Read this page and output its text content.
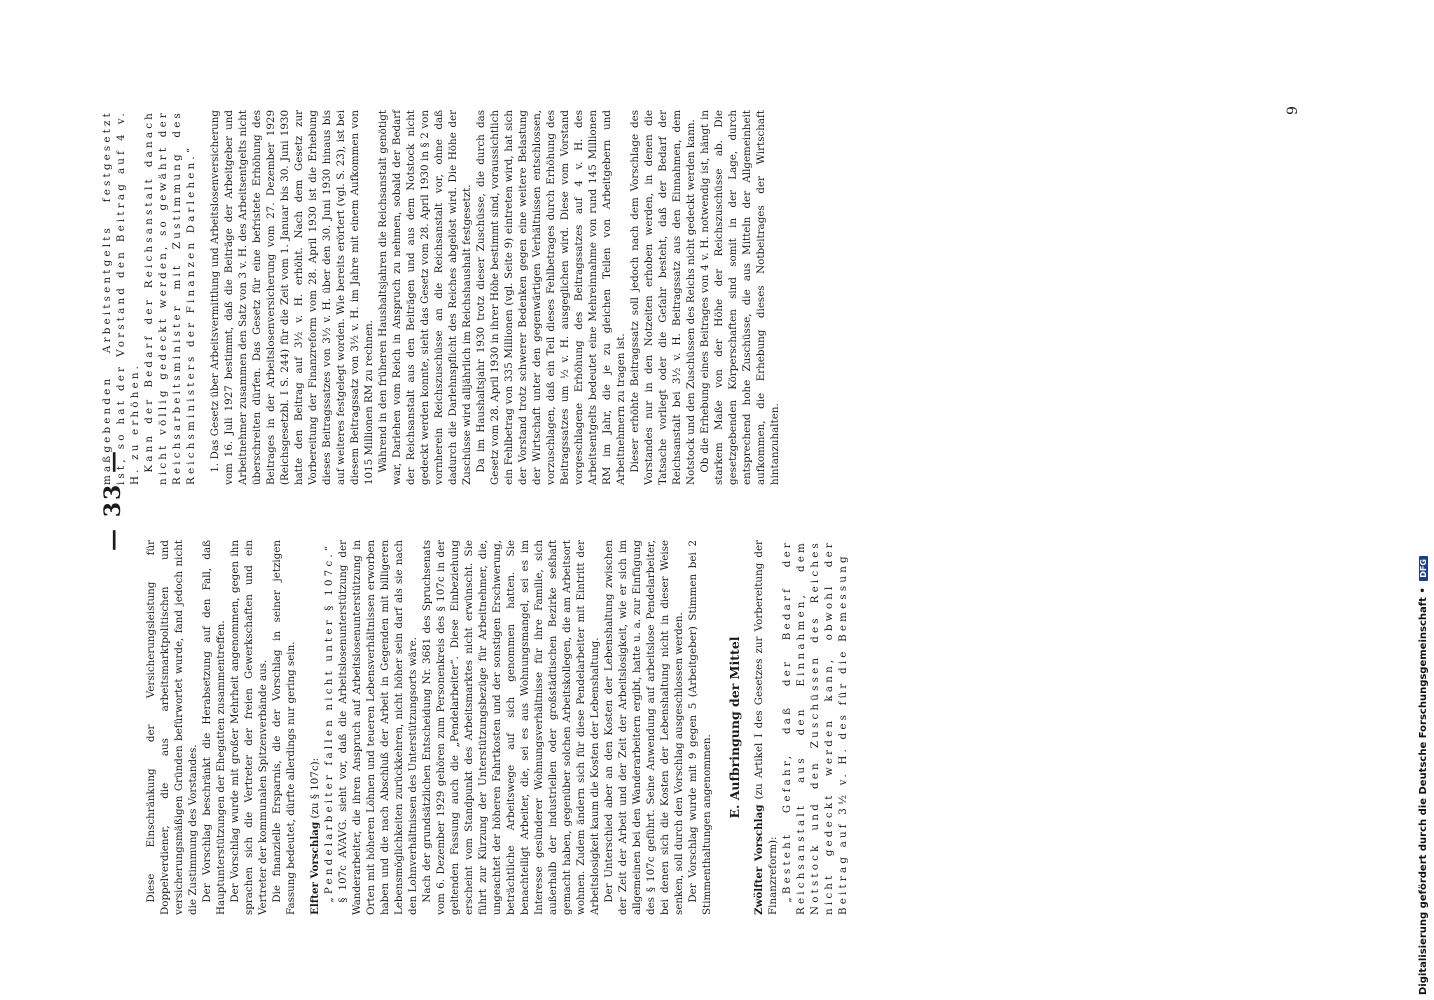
— 33 —

Diese Einschränkung der Versicherungsleistung für Doppelverdiener, die aus arbeitsmarktpolitischen und versicherungsmäßigen Gründen befürwortet wurde, fand jedoch nicht die Zustimmung des Vorstandes. Der Vorschlag beschränkt die Herabsetzung auf den Fall, daß Hauptunterstützungen der Ehegatten zusammentreffen. Der Vorschlag wurde mit großer Mehrheit angenommen, gegen ihn sprachen sich die Vertreter der freien Gewerkschaften und ein Vertreter der kommunalen Spitzenverbände aus. Die finanzielle Ersparnis, die der Vorschlag in seiner jetzigen Fassung bedeutet, dürfte allerdings nur gering sein. Elfter Vorschlag (zu § 107c): „Pendelarbeiter fallen nicht unter § 107c.“ § 107c AVAVG. sieht vor, daß die Arbeitslosenunterstützung der Wanderarbeiter, die ihren Anspruch auf Arbeitslosenunterstützung in Orten mit höheren Löhnen und teueren Lebensverhältnissen erworben haben und die nach Abschluß der Arbeit in Gegenden mit billigeren Lebensmöglichkeiten zurückkehren, nicht höher sein darf als sie nach den Lohnverhältnissen des Unterstützungsorts wäre. Nach der grundsätzlichen Entscheidung Nr. 3681 des Spruchsenats vom 6. Dezember 1929 gehören zum Personenkreis des § 107c in der geltenden Fassung auch die „Pendelarbeiter“. Diese Einbeziehung erscheint vom Standpunkt des Arbeitsmarktes nicht erwünscht. Sie führt zur Kürzung der Unterstützungsbezüge für Arbeitnehmer, die, ungeachtet der höheren Fahrtkosten und der sonstigen Erschwerung, beträchtliche Arbeitswege auf sich genommen hatten. Sie benachteiligt Arbeiter, die, sei es aus Wohnungsmangel, sei es im Interesse gesünderer Wohnungsverhältnisse für ihre Familie, sich außerhalb der industriellen oder großstädtischen Bezirke seßhaft gemacht haben, gegenüber solchen Arbeitskollegen, die am Arbeitsort wohnen. Zudem ändern sich für diese Pendelarbeiter mit Eintritt der Arbeitslosigkeit kaum die Kosten der Lebenshaltung. Der Unterschied aber an den Kosten der Lebenshaltung zwischen der Zeit der Arbeit und der Zeit der Arbeitslosigkeit, wie er sich im allgemeinen bei den Wanderarbeitern ergibt, hatte u. a. zur Einfügung des § 107c geführt. Seine Anwendung auf arbeitslose Pendelarbeiter, bei denen sich die Kosten der Lebenshaltung nicht in dieser Weise senken, soll durch den Vorschlag ausgeschlossen werden. Der Vorschlag wurde mit 9 gegen 5 (Arbeitgeber) Stimmen bei 2 Stimmenthaltungen angenommen.

E. Aufbringung der Mittel

Zwölfter Vorschlag (zu Artikel I des Gesetzes zur Vorbereitung der Finanzreform): „Besteht Gefahr, daß der Bedarf der Reichsanstalt aus den Einnahmen, dem Notstock und den Zuschüssen des Reiches nicht gedeckt werden kann, obwohl der Beitrag auf 3½ v. H. des für die Bemessung

maßgebenden Arbeitsentgelts festgesetzt ist, so hat der Vorstand den Beitrag auf 4 v. H. zu erhöhen. Kann der Bedarf der Reichsanstalt danach nicht völlig gedeckt werden, so gewährt der Reichsarbeitsminister mit Zustimmung des Reichsministers der Finanzen Darlehen.“ 1. Das Gesetz über Arbeitsvermittlung und Arbeitslosenversicherung vom 16. Juli 1927 bestimmt, daß die Beiträge der Arbeitgeber und Arbeitnehmer zusammen den Satz von 3 v. H. des Arbeitsentgelts nicht überschreiten dürfen. Das Gesetz für eine befristete Erhöhung des Beitrages in der Arbeitslosenversicherung vom 27. Dezember 1929 (Reichsgesetzbl. I S. 244) für die Zeit vom 1. Januar bis 30. Juni 1930 hatte den Beitrag auf 3½ v. H. erhöht. Nach dem Gesetz zur Vorbereitung der Finanzreform vom 28. April 1930 ist die Erhebung dieses Beitragssatzes von 3½ v. H. über den 30. Juni 1930 hinaus bis auf weiteres festgelegt worden. Wie bereits erörtert (vgl. S. 23), ist bei diesem Beitragssatz von 3½ v. H. im Jahre mit einem Aufkommen von 1015 Millionen RM zu rechnen. Während in den früheren Haushaltsjahren die Reichsanstalt genötigt war, Darlehen vom Reich in Anspruch zu nehmen, sobald der Bedarf der Reichsanstalt aus den Beiträgen und aus dem Notstock nicht gedeckt werden konnte, sieht das Gesetz vom 28. April 1930 in § 2 von vornherein Reichszuschüsse an die Reichsanstalt vor, ohne daß dadurch die Darlehnspflicht des Reiches abgelöst wird. Die Höhe der Zuschüsse wird alljährlich im Reichshaushalt festgesetzt. Da im Haushaltsjahr 1930 trotz dieser Zuschüsse, die durch das Gesetz vom 28. April 1930 in ihrer Höhe bestimmt sind, voraussichtlich ein Fehlbetrag von 335 Millionen (vgl. Seite 9) eintreten wird, hat sich der Vorstand trotz schwerer Bedenken gegen eine weitere Belastung der Wirtschaft unter den gegenwärtigen Verhältnissen entschlossen, vorzuschlagen, daß ein Teil dieses Fehlbetrages durch Erhöhung des Beitragssatzes um ½ v. H. ausgeglichen wird. Diese vom Vorstand vorgeschlagene Erhöhung des Beitragssatzes auf 4 v. H. des Arbeitsentgelts bedeutet eine Mehreinnahme von rund 145 Millionen RM im Jahr, die je zu gleichen Teilen von Arbeitgebern und Arbeitnehmern zu tragen ist. Dieser erhöhte Beitragssatz soll jedoch nach dem Vorschlage des Vorstandes nur in den Notzeiten erhoben werden, in denen die Tatsache vorliegt oder die Gefahr besteht, daß der Bedarf der Reichsanstalt bei 3½ v. H. Beitragssatz aus den Einnahmen, dem Notstock und den Zuschüssen des Reichs nicht gedeckt werden kann. Ob die Erhebung eines Beitrages von 4 v. H. notwendig ist, hängt in starkem Maße von der Höhe der Reichszuschüsse ab. Die gesetzgebenden Körperschaften sind somit in der Lage, durch entsprechend hohe Zuschüsse, die aus Mitteln der Allgemeinheit aufkommen, die Erhebung dieses Notbeitrages der Wirtschaft hintanzuhalten.

9
Digitalisierung gefördert durch die Deutsche Forschungsgemeinschaft • DFG
